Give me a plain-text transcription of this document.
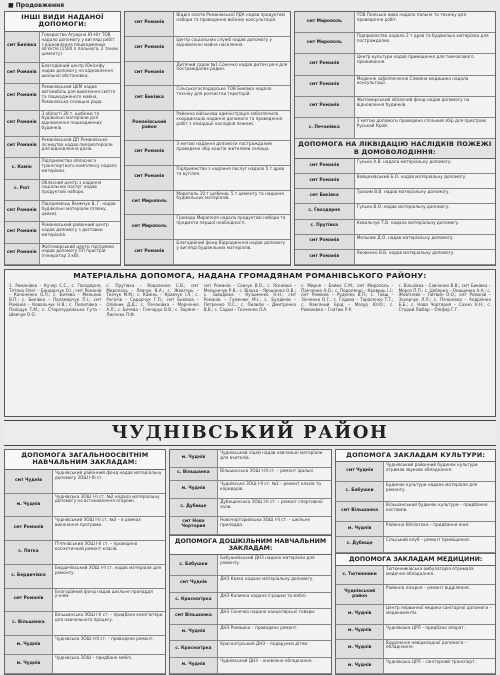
■ Продовження
ІНШІ ВИДИ НАДАНОЇ ДОПОМОГИ:
смт Биківка
Товариство Аграрна Ю-Ніт ТОВ надало допомогу у вигляді робіт з відновлення пошкоджених об'єктів (1500 л пального, 2 тонни цементу).
смт Романів
Благодійний центр Юнісефу надав допомогу на відновлення шкільної обстановки.
смт Романів
Романівський ЦЕМ надав автомобіль для вивезення сміття та пошкодженого майна, Романівська селищна рада.
смт Романів
З області 30 т. щебеню та будівельні матеріали для відновлення пошкоджених будинків.
смт Романів
Романівський ДП Романівське лісництво надав пиломатеріали для відновлення дахів.
с. Камін
Підприємство обласного транспортного комплексу надало матеріали.
с. Рогі
Обласний центр з надання соціальних послуг надав продуктові набори.
смт Романів
Підприємець Якимчук В. Г. надав будівельні матеріали (плівку, цвяхи).
смт Романів
Романівський районний центр надав допомогу з доставки матеріалів.
смт Романів
Житомирський центр підтримки надав допомогу ПП пристрій (генератор 3 кВ).
смт Романів
Відділ освіти Романівської РДА надав продуктові набори та проведення виїзних консультацій.
смт Романів
Центр соціальних служб надав допомогу у відновленні майна населення.
смт Романів
Дитячий садок №1 Сонечко надав дитячі речі для постраждалих родин.
смт Биківка
Сільськогосподарське ТОВ Биківка надало техніку для розчистки територій.
Романівський район
Районна військова адміністрація забезпечила координацію надання допомоги та проведення робіт з ліквідації наслідків пожежі.
смт Романів
З метою надання допомоги постраждалим проведено збір коштів жителями селища.
смт Романів
Підприємство з надання послуг надало 5 т дров та вугілля.
смт Мирополь
Мирополь 10 т щебеню, 5 т цементу та надання будівельних матеріалів.
смт Мирополь
Громада Мирополя надала продуктові набори та предмети першої необхідності.
смт Романів
Благодійний фонд Відродження надав допомогу у вигляді будівельних матеріалів.
смт Мирополь
ТОВ Поліська нива надало пальне та техніку для проведення робіт.
смт Мирополь
Підприємство надало 2 т дров та будівельні матеріали для постраждалих.
смт Романів
Центр культури надав приміщення для тимчасового проживання.
смт Романів
Медичне забезпечення Сімейна медицина надала консультації.
смт Романів
Житомирський обласний фонд надав допомогу на відновлення будинків.
с. Печанівка
З метою допомоги проведено спільний збір для пристрою Руський Край.
ДОПОМОГА НА ЛІКВІДАЦІЮ НАСЛІДКІВ ПОЖЕЖІ В ДОМОВОЛОДІННЯ:
смт Романів
Гунько А.В. надала матеріальну допомогу.
смт Романів
Войцехівський Б.О. надав матеріальну допомогу.
смт Биківка
Трохим В.В. надав матеріальну допомогу.
с. Гвоздярня
Гулько В.О. надав матеріальну допомогу.
с. Прутівка
Ковальчук Т.В. надала матеріальну допомогу.
смт Романів
Мельник Д.О. надав матеріальну допомогу.
смт Романів
Яковенко В.В. надав матеріальну допомогу.
МАТЕРІАЛЬНА ДОПОМОГА, НАДАНА ГРОМАДЯНАМ РОМАНІВСЬКОГО РАЙОНУ:
1. Романівка – Кучер С.С.; с. Гвоздярня, Тетяна Олег – Бондарчук О.І.; смт Романів – Кононенко О.Л.; с. Бичева – Мельник В.П.; с. Биківка – Паламарчук П.І.; смт Романів – Ковальчук Н.В.; с. Пилипівка – Поліщук Т.М.; с. Старочуднівська Гута – Шевчук О.О.
с. Прутівка – Коваленко С.В.; смт Мирополь – Левчук В.А.; с. Жовтень – Ткачук М.М.; с. Камінь – Кравчук І.Л.; с. Рогачів – Сидорчук Г.П.; смт Биківка – Олійник Д.Д.; с. Печанівка – Марченко А.Л.; с. Бичева – Гончарук В.В.; с. Зоряне – Лисенко П.Ф.
смт Романів – Савчук В.О.; с. Ясенівка – Мельничук Р.В.; с. Вільха – Ярошенко О.В.; с. Завадівка – Кузьменко Н.Н.; смт Романів – Гуменюк М.І.; с. Булдичів – Петренко О.С.; с. Пилипи – Дмитренко В.В.; с. Садки – Ткаченко Л.А.
с. Мирне – Бойко С.М.; смт Мирополь – Панченко А.О.; с. Подолянці – Кравець І.І.; смт Романів – Руденко В.П.; с. Товщ – Зінченко О.Г.; с. Годиха – Тарасенко Т.Т.; с. Кам'яний Брід – Мазур Ю.Ю.; с. Романівка – Гнатюк Р.Р.
с. Вільхівка – Савченко В.В.; смт Биківка – Мороз П.П.; с. Цеберка – Онищенко А.А.; с. Жовтневе – Литвин О.О.; смт Романів – Захарчук Л.Л.; с. Печанівка – Андрієнко Б.Б.; с. Нова Чортория – Сахно Н.Н.; с. Старий Любар – Оліфер Г.Г.
ЧУДНІВСЬКИЙ РАЙОН
ДОПОМОГА ЗАГАЛЬНООСВІТНІМ НАВЧАЛЬНИМ ЗАКЛАДАМ:
смт Чуднів
Чуднівський районний фонд надав матеріальну допомогу ЗОШ І-ІІІ ст.
м. Чуднів
Чуднівська ЗОШ І-ІІ ст. №2 надала матеріальну допомогу на встановлення огорожі.
смт Романів
Чуднівський ЗОШ І-ІІ ст. №3 – в рамках виконання програми.
с. Пятка
П'ятківський ЗОШ І-ІІ ст. – проведено косметичний ремонт класів.
с. Бердичівка
Бердичівський ЗОШ І-ІІ ст. надав матеріали для ремонту.
смт Романів
Благодійний фонд надав шкільне приладдя учням.
с. Вільшанка
Вільшанська ЗОШ І-ІІ ст. – придбано комп'ютери для навчального процесу.
м. Чуднів
Чуднівська ЗОШ І-ІІІ ст. – проведено ремонт.
м. Чуднів
Чуднівська ЗОШ – придбано меблі.
м. Чуднів
Чуднівський ліцей надав навчальні матеріали для вчителів.
с. Вільшанка
Вільшанська ЗОШ І-ІІІ ст. – ремонт їдальні.
м. Чуднів
Чуднівська ЗОШ І-ІІ ст. №1 – ремонт класів та коридорів.
с. Дубище
Дубищенська ЗОШ І-ІІ ст. – ремонт спортивної зали.
смт Нова Чортория
Новочорторийська ЗОШ І-ІІ ст. – шкільне приладдя.
ДОПОМОГА ДОШКІЛЬНИМ НАВЧАЛЬНИМ ЗАКЛАДАМ:
с. Бабушки
Бабушківський ДНЗ надано матеріали для ремонту.
смт Чуднів
ДНЗ Казка надано матеріальну допомогу.
с. Красногірка
ДНЗ Калинка надано іграшки та меблі.
смт Вільшанка
ДНЗ Сонечко надано канцелярські товари.
м. Чуднів
ДНЗ Ромашка – проведено ремонт.
с. Красногірка
Красногірський ДНЗ – подарунки дітям.
м. Чуднів
Чуднівський ДНЗ – оновлено обладнання.
ДОПОМОГА ЗАКЛАДАМ КУЛЬТУРИ:
смт Чуднів
Чуднівський районний будинок культури отримав звукове обладнання.
с. Бабушки
Будинок культури надано матеріали для ремонту.
смт Вільшанка
Вільшанський будинок культури – придбання костюмів.
м. Чуднів
Районна бібліотека – придбання книг.
с. Дубище
Сільський клуб – ремонт приміщення.
ДОПОМОГА ЗАКЛАДАМ МЕДИЦИНИ:
с. Тютюнники
Тютюнниківська амбулаторія отримала медичне обладнання.
Чуднівський район
Районна лікарня – ремонт відділення.
м. Чуднів
Центр первинної медико-санітарної допомоги – медикаменти.
м. Чуднів
Чуднівська ЦРЛ – придбано апарат.
м. Чуднів
Відділення невідкладної допомоги – обладнання.
м. Чуднів
Чуднівська ЦРЛ – санітарний транспорт.
